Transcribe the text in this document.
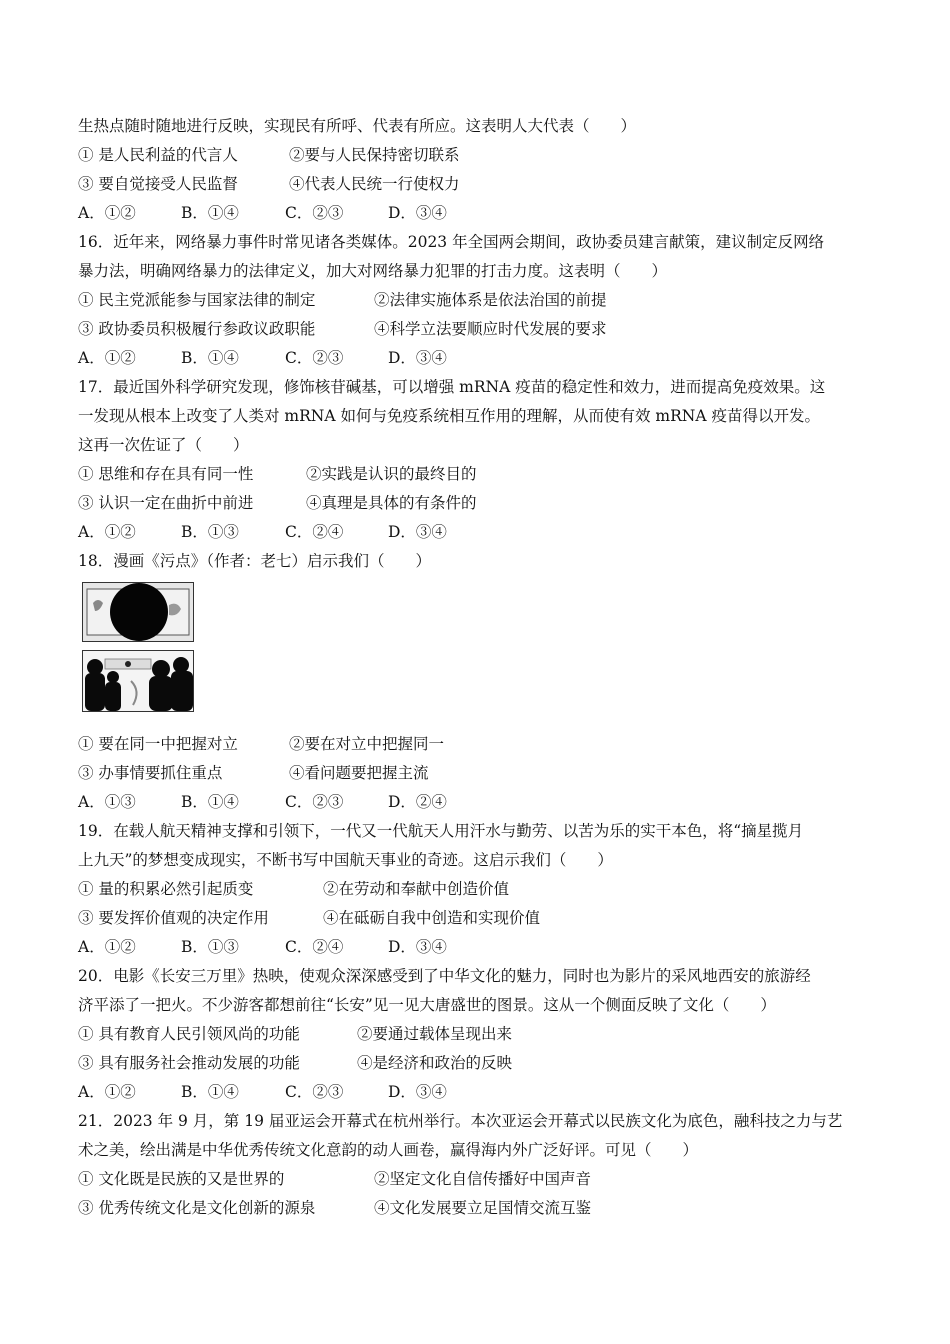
生热点随时随地进行反映，实现民有所呼、代表有所应。这表明人大代表（　　）
① 是人民利益的代言人	②要与人民保持密切联系
③ 要自觉接受人民监督	④代表人民统一行使权力
A．①②	B．①④	C．②③	D．③④
16．近年来，网络暴力事件时常见诸各类媒体。2023 年全国两会期间，政协委员建言献策，建议制定反网络
暴力法，明确网络暴力的法律定义，加大对网络暴力犯罪的打击力度。这表明（　　）
① 民主党派能参与国家法律的制定	②法律实施体系是依法治国的前提
③ 政协委员积极履行参政议政职能	④科学立法要顺应时代发展的要求
A．①②	B．①④	C．②③	D．③④
17．最近国外科学研究发现，修饰核苷碱基，可以增强 mRNA 疫苗的稳定性和效力，进而提高免疫效果。这
一发现从根本上改变了人类对 mRNA 如何与免疫系统相互作用的理解，从而使有效 mRNA 疫苗得以开发。
这再一次佐证了（　　）
① 思维和存在具有同一性	②实践是认识的最终目的
③ 认识一定在曲折中前进	④真理是具体的有条件的
A．①②	B．①③	C．②④	D．③④
18．漫画《污点》（作者：老七）启示我们（　　）
① 要在同一中把握对立	②要在对立中把握同一
③ 办事情要抓住重点	④看问题要把握主流
A．①③	B．①④	C．②③	D．②④
19．在载人航天精神支撑和引领下，一代又一代航天人用汗水与勤劳、以苦为乐的实干本色，将“摘星揽月
上九天”的梦想变成现实，不断书写中国航天事业的奇迹。这启示我们（　　）
① 量的积累必然引起质变	②在劳动和奉献中创造价值
③ 要发挥价值观的决定作用	④在砥砺自我中创造和实现价值
A．①②	B．①③	C．②④	D．③④
济平添了一把火。不少游客都想前往“长安”见一见大唐盛世的图景。这从一个侧面反映了文化（　　）
20．电影《长安三万里》热映，使观众深深感受到了中华文化的魅力，同时也为影片的采风地西安的旅游经
① 具有教育人民引领风尚的功能	②要通过载体呈现出来
③ 具有服务社会推动发展的功能	④是经济和政治的反映
A．①②	B．①④	C．②③	D．③④
21．2023 年 9 月，第 19 届亚运会开幕式在杭州举行。本次亚运会开幕式以民族文化为底色，融科技之力与艺
术之美，绘出满是中华优秀传统文化意韵的动人画卷，赢得海内外广泛好评。可见（　　）
① 文化既是民族的又是世界的	②坚定文化自信传播好中国声音
③ 优秀传统文化是文化创新的源泉	④文化发展要立足国情交流互鉴
